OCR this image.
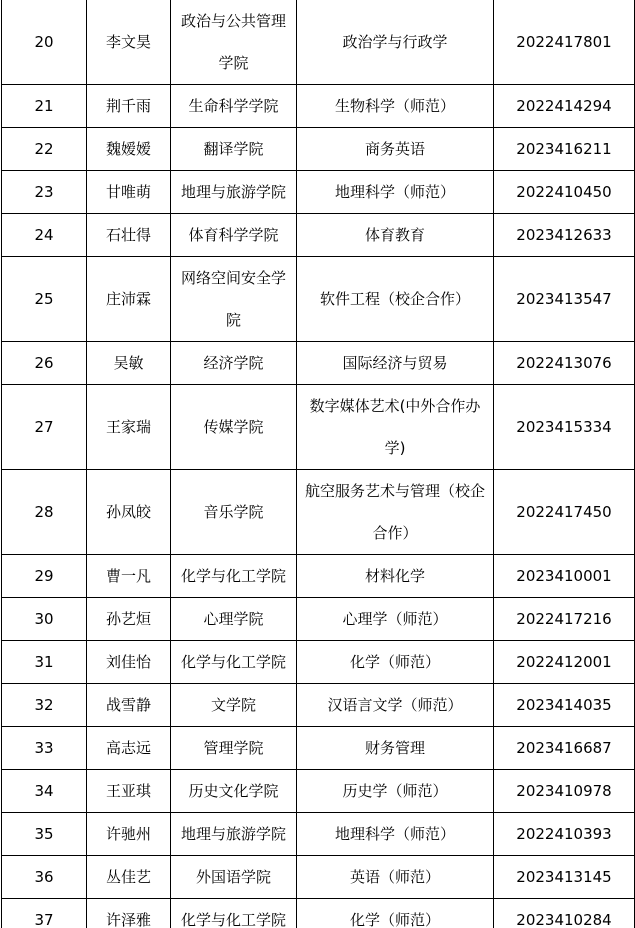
20	李文昊	政治与公共管理学院	政治学与行政学	2022417801
21	荆千雨	生命科学学院	生物科学（师范）	2022414294
22	魏嫒嫒	翻译学院	商务英语	2023416211
23	甘唯萌	地理与旅游学院	地理科学（师范）	2022410450
24	石壮得	体育科学学院	体育教育	2023412633
25	庄沛霖	网络空间安全学院	软件工程（校企合作）	2023413547
26	吴敏	经济学院	国际经济与贸易	2022413076
27	王家瑞	传媒学院	数字媒体艺术(中外合作办学)	2023415334
28	孙凤皎	音乐学院	航空服务艺术与管理（校企合作）	2022417450
29	曹一凡	化学与化工学院	材料化学	2023410001
30	孙艺烜	心理学院	心理学（师范）	2022417216
31	刘佳怡	化学与化工学院	化学（师范）	2022412001
32	战雪静	文学院	汉语言文学（师范）	2023414035
33	高志远	管理学院	财务管理	2023416687
34	王亚琪	历史文化学院	历史学（师范）	2023410978
35	许驰州	地理与旅游学院	地理科学（师范）	2022410393
36	丛佳艺	外国语学院	英语（师范）	2023413145
37	许泽雅	化学与化工学院	化学（师范）	2023410284
